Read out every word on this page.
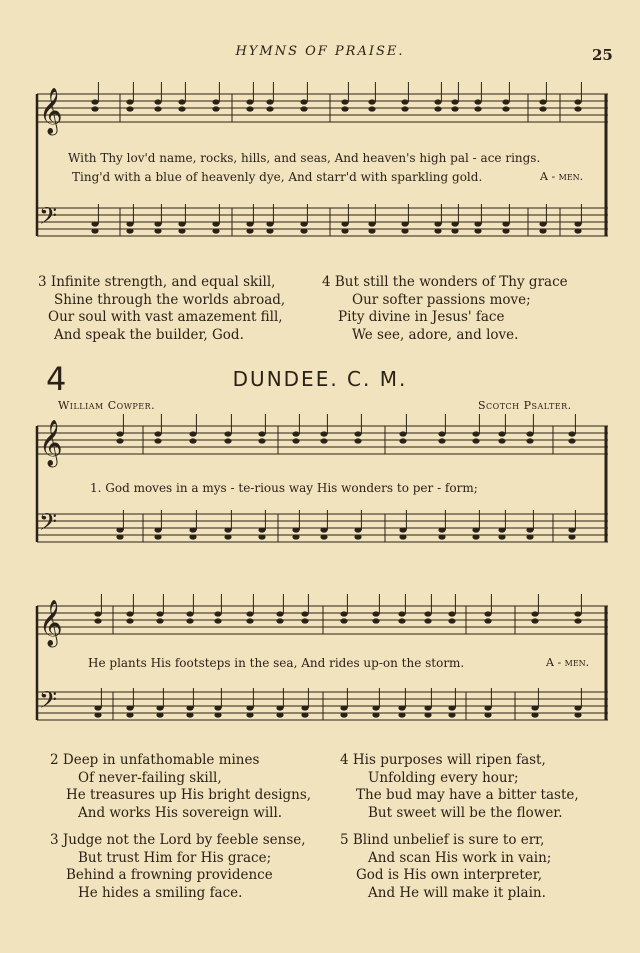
HYMNS OF PRAISE.	25
𝄞
𝄢
With Thy lov'd name, rocks, hills, and seas, And heaven's high pal - ace rings.
Ting'd with a blue of heavenly dye, And starr'd with sparkling gold.	A - men.
3 Infinite strength, and equal skill,
Shine through the worlds abroad,
Our soul with vast amazement fill,
And speak the builder, God.
4 But still the wonders of Thy grace
Our softer passions move;
Pity divine in Jesus' face
We see, adore, and love.
4	DUNDEE. C. M.
William Cowper.	Scotch Psalter.
𝄞
𝄢
1. God moves in a mys - te-rious way His wonders to per - form;
𝄞
𝄢
He plants His footsteps in the sea, And rides up-on the storm.	A - men.
2 Deep in unfathomable mines
Of never-failing skill,
He treasures up His bright designs,
And works His sovereign will.
4 His purposes will ripen fast,
Unfolding every hour;
The bud may have a bitter taste,
But sweet will be the flower.
3 Judge not the Lord by feeble sense,
But trust Him for His grace;
Behind a frowning providence
He hides a smiling face.
5 Blind unbelief is sure to err,
And scan His work in vain;
God is His own interpreter,
And He will make it plain.
